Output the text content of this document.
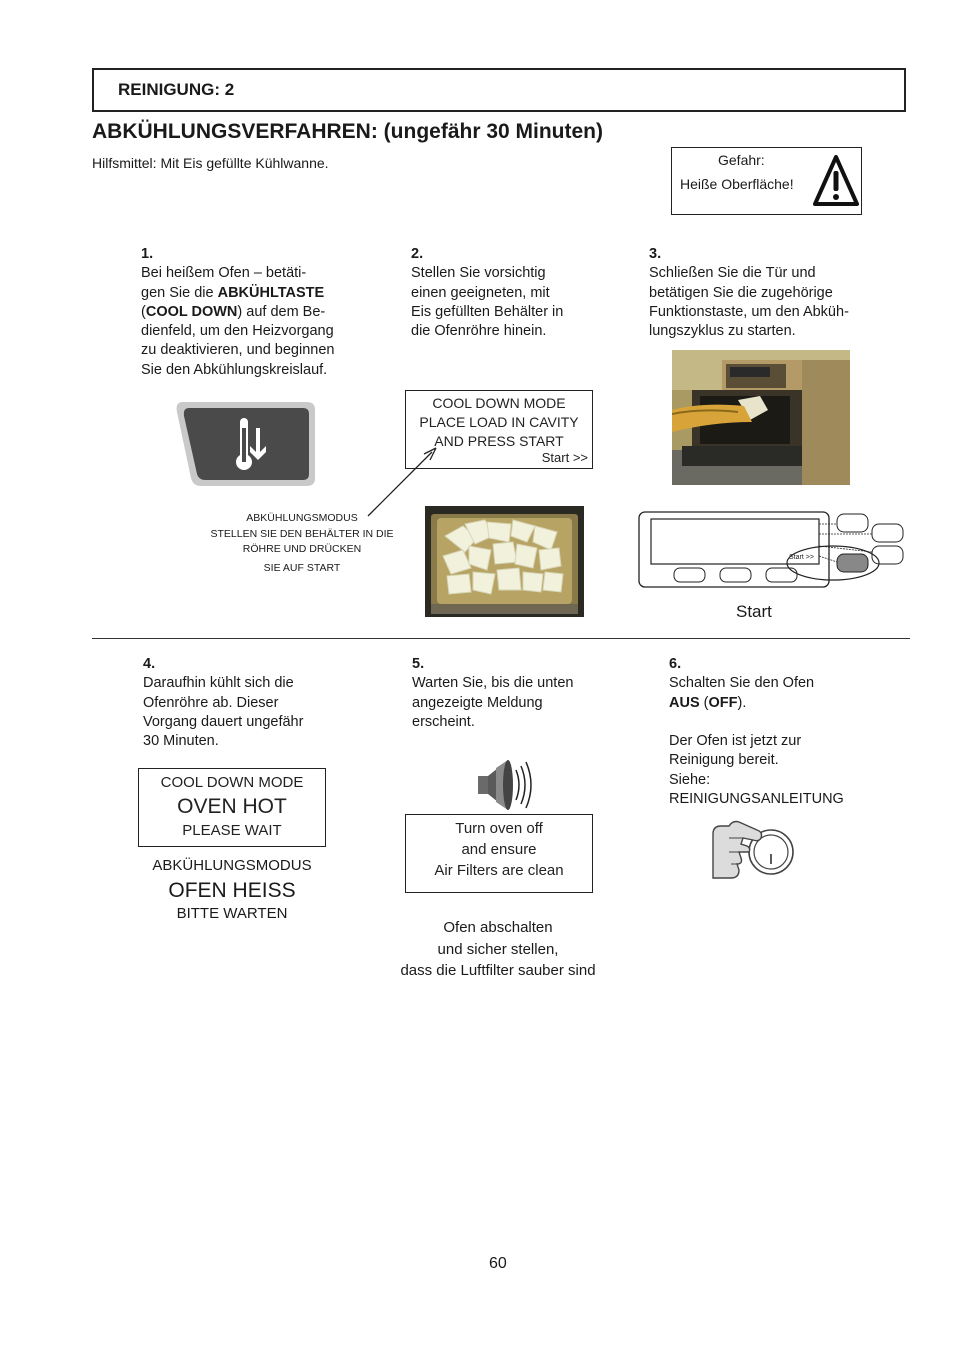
REINIGUNG: 2
ABKÜHLUNGSVERFAHREN: (ungefähr 30 Minuten)
Hilfsmittel: Mit Eis gefüllte Kühlwanne.	Gefahr:
Heiße Oberfläche!
1.
Bei heißem Ofen – betäti-
gen Sie die ABKÜHLTASTE
(COOL DOWN) auf dem Be-
dienfeld, um den Heizvorgang
zu deaktivieren, und beginnen
Sie den Abkühlungskreislauf.
2.
Stellen Sie vorsichtig
einen geeigneten, mit
Eis gefüllten Behälter in
die Ofenröhre hinein.
COOL DOWN MODE
PLACE LOAD IN CAVITY
AND PRESS START
Start >>
ABKÜHLUNGSMODUS
STELLEN SIE DEN BEHÄLTER IN DIE
RÖHRE UND DRÜCKEN
SIE AUF START
3.
Schließen Sie die Tür und
betätigen Sie die zugehörige
Funktionstaste, um den Abküh-
lungszyklus zu starten.
Start >>
Start
4.
Daraufhin kühlt sich die
Ofenröhre ab. Dieser
Vorgang dauert ungefähr
30 Minuten.
COOL DOWN MODE
OVEN HOT
PLEASE WAIT
ABKÜHLUNGSMODUS
OFEN HEISS
BITTE WARTEN
5.
Warten Sie, bis die unten
angezeigte Meldung
erscheint.
Turn oven off
and ensure
Air Filters are clean
Ofen abschalten
und sicher stellen,
dass die Luftfilter sauber sind
6.
Schalten Sie den Ofen
AUS (OFF).

Der Ofen ist jetzt zur
Reinigung bereit.
Siehe:
REINIGUNGSANLEITUNG
60
